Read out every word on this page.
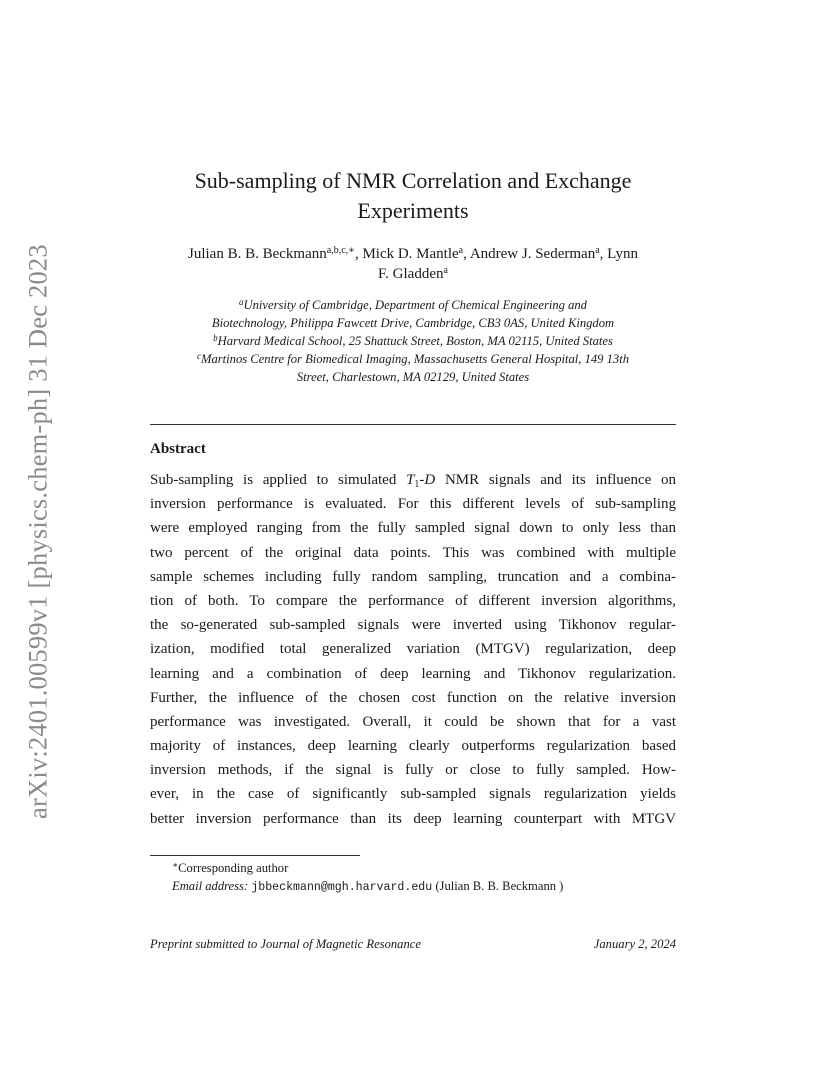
arXiv:2401.00599v1 [physics.chem-ph] 31 Dec 2023
Sub-sampling of NMR Correlation and Exchange
Experiments
Julian B. B. Beckmann$^{a,b,c,∗}$, Mick D. Mantle$^a$, Andrew J. Sederman$^a$, Lynn
F. Gladden$^a$
$^a$University of Cambridge, Department of Chemical Engineering and
Biotechnology, Philippa Fawcett Drive, Cambridge, CB3 0AS, United Kingdom
$^b$Harvard Medical School, 25 Shattuck Street, Boston, MA 02115, United States
$^c$Martinos Centre for Biomedical Imaging, Massachusetts General Hospital, 149 13th
Street, Charlestown, MA 02129, United States
Abstract
Sub-sampling is applied to simulated $T_1-D$ NMR signals and its influence on
inversion performance is evaluated. For this different levels of sub-sampling
were employed ranging from the fully sampled signal down to only less than
two percent of the original data points. This was combined with multiple
sample schemes including fully random sampling, truncation and a combina-
tion of both. To compare the performance of different inversion algorithms,
the so-generated sub-sampled signals were inverted using Tikhonov regular-
ization, modified total generalized variation (MTGV) regularization, deep
learning and a combination of deep learning and Tikhonov regularization.
Further, the influence of the chosen cost function on the relative inversion
performance was investigated. Overall, it could be shown that for a vast
majority of instances, deep learning clearly outperforms regularization based
inversion methods, if the signal is fully or close to fully sampled. How-
ever, in the case of significantly sub-sampled signals regularization yields
better inversion performance than its deep learning counterpart with MTGV
∗Corresponding author
Email address: jbbeckmann@mgh.harvard.edu (Julian B. B. Beckmann )
Preprint submitted to Journal of Magnetic Resonance	January 2, 2024
